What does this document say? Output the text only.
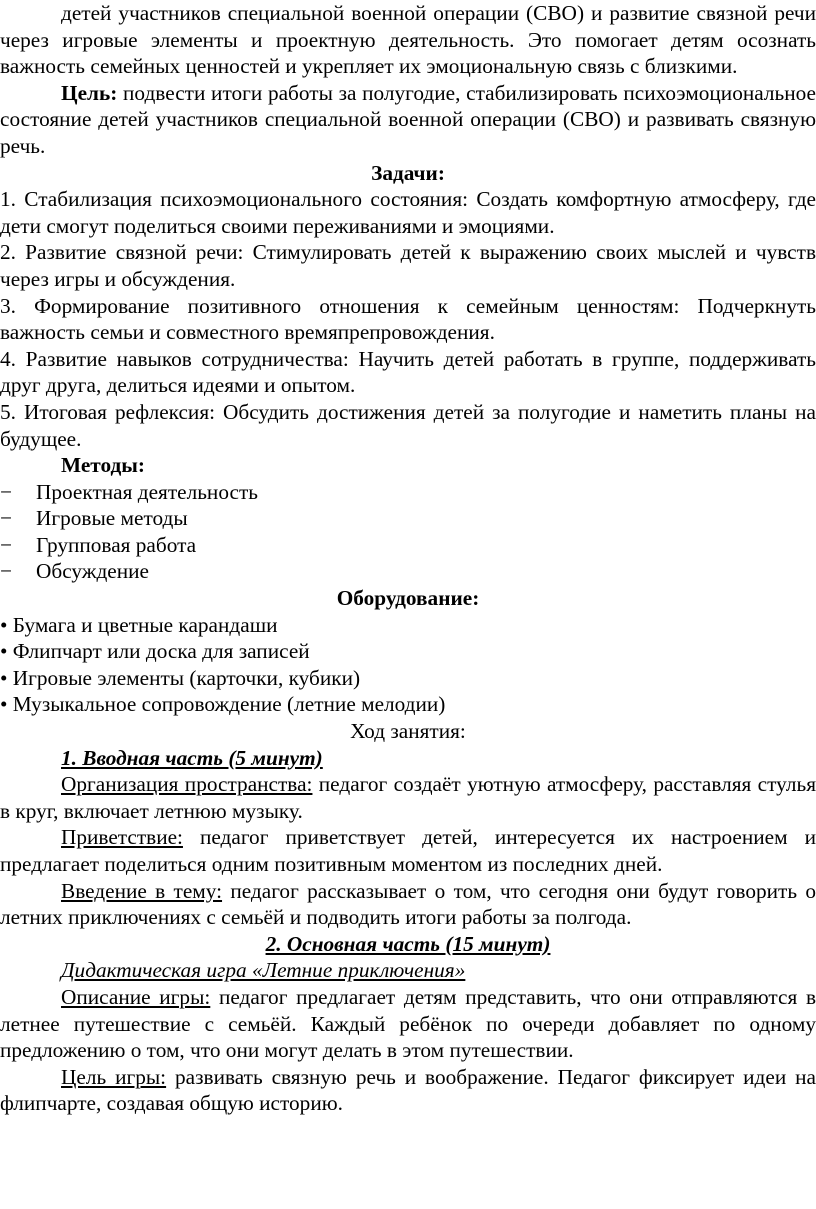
детей участников специальной военной операции (СВО) и развитие связной речи через игровые элементы и проектную деятельность. Это помогает детям осознать важность семейных ценностей и укрепляет их эмоциональную связь с близкими.

Цель: подвести итоги работы за полугодие, стабилизировать психоэмоциональное состояние детей участников специальной военной операции (СВО) и развивать связную речь.

Задачи:

1. Стабилизация психоэмоционального состояния: Создать комфортную атмосферу, где дети смогут поделиться своими переживаниями и эмоциями.

2. Развитие связной речи: Стимулировать детей к выражению своих мыслей и чувств через игры и обсуждения.

3. Формирование позитивного отношения к семейным ценностям: Подчеркнуть важность семьи и совместного времяпрепровождения.

4. Развитие навыков сотрудничества: Научить детей работать в группе, поддерживать друг друга, делиться идеями и опытом.

5. Итоговая рефлексия: Обсудить достижения детей за полугодие и наметить планы на будущее.

Методы:

−	Проектная деятельность
−	Игровые методы
−	Групповая работа
−	Обсуждение

Оборудование:

• Бумага и цветные карандаши

• Флипчарт или доска для записей

• Игровые элементы (карточки, кубики)

• Музыкальное сопровождение (летние мелодии)

Ход занятия:

1. Вводная часть (5 минут)

Организация пространства: педагог создаёт уютную атмосферу, расставляя стулья в круг, включает летнюю музыку.

Приветствие: педагог приветствует детей, интересуется их настроением и предлагает поделиться одним позитивным моментом из последних дней.

Введение в тему: педагог рассказывает о том, что сегодня они будут говорить о летних приключениях с семьёй и подводить итоги работы за полгода.

2. Основная часть (15 минут)

Дидактическая игра «Летние приключения»

Описание игры: педагог предлагает детям представить, что они отправляются в летнее путешествие с семьёй. Каждый ребёнок по очереди добавляет по одному предложению о том, что они могут делать в этом путешествии.

Цель игры: развивать связную речь и воображение. Педагог фиксирует идеи на флипчарте, создавая общую историю.
